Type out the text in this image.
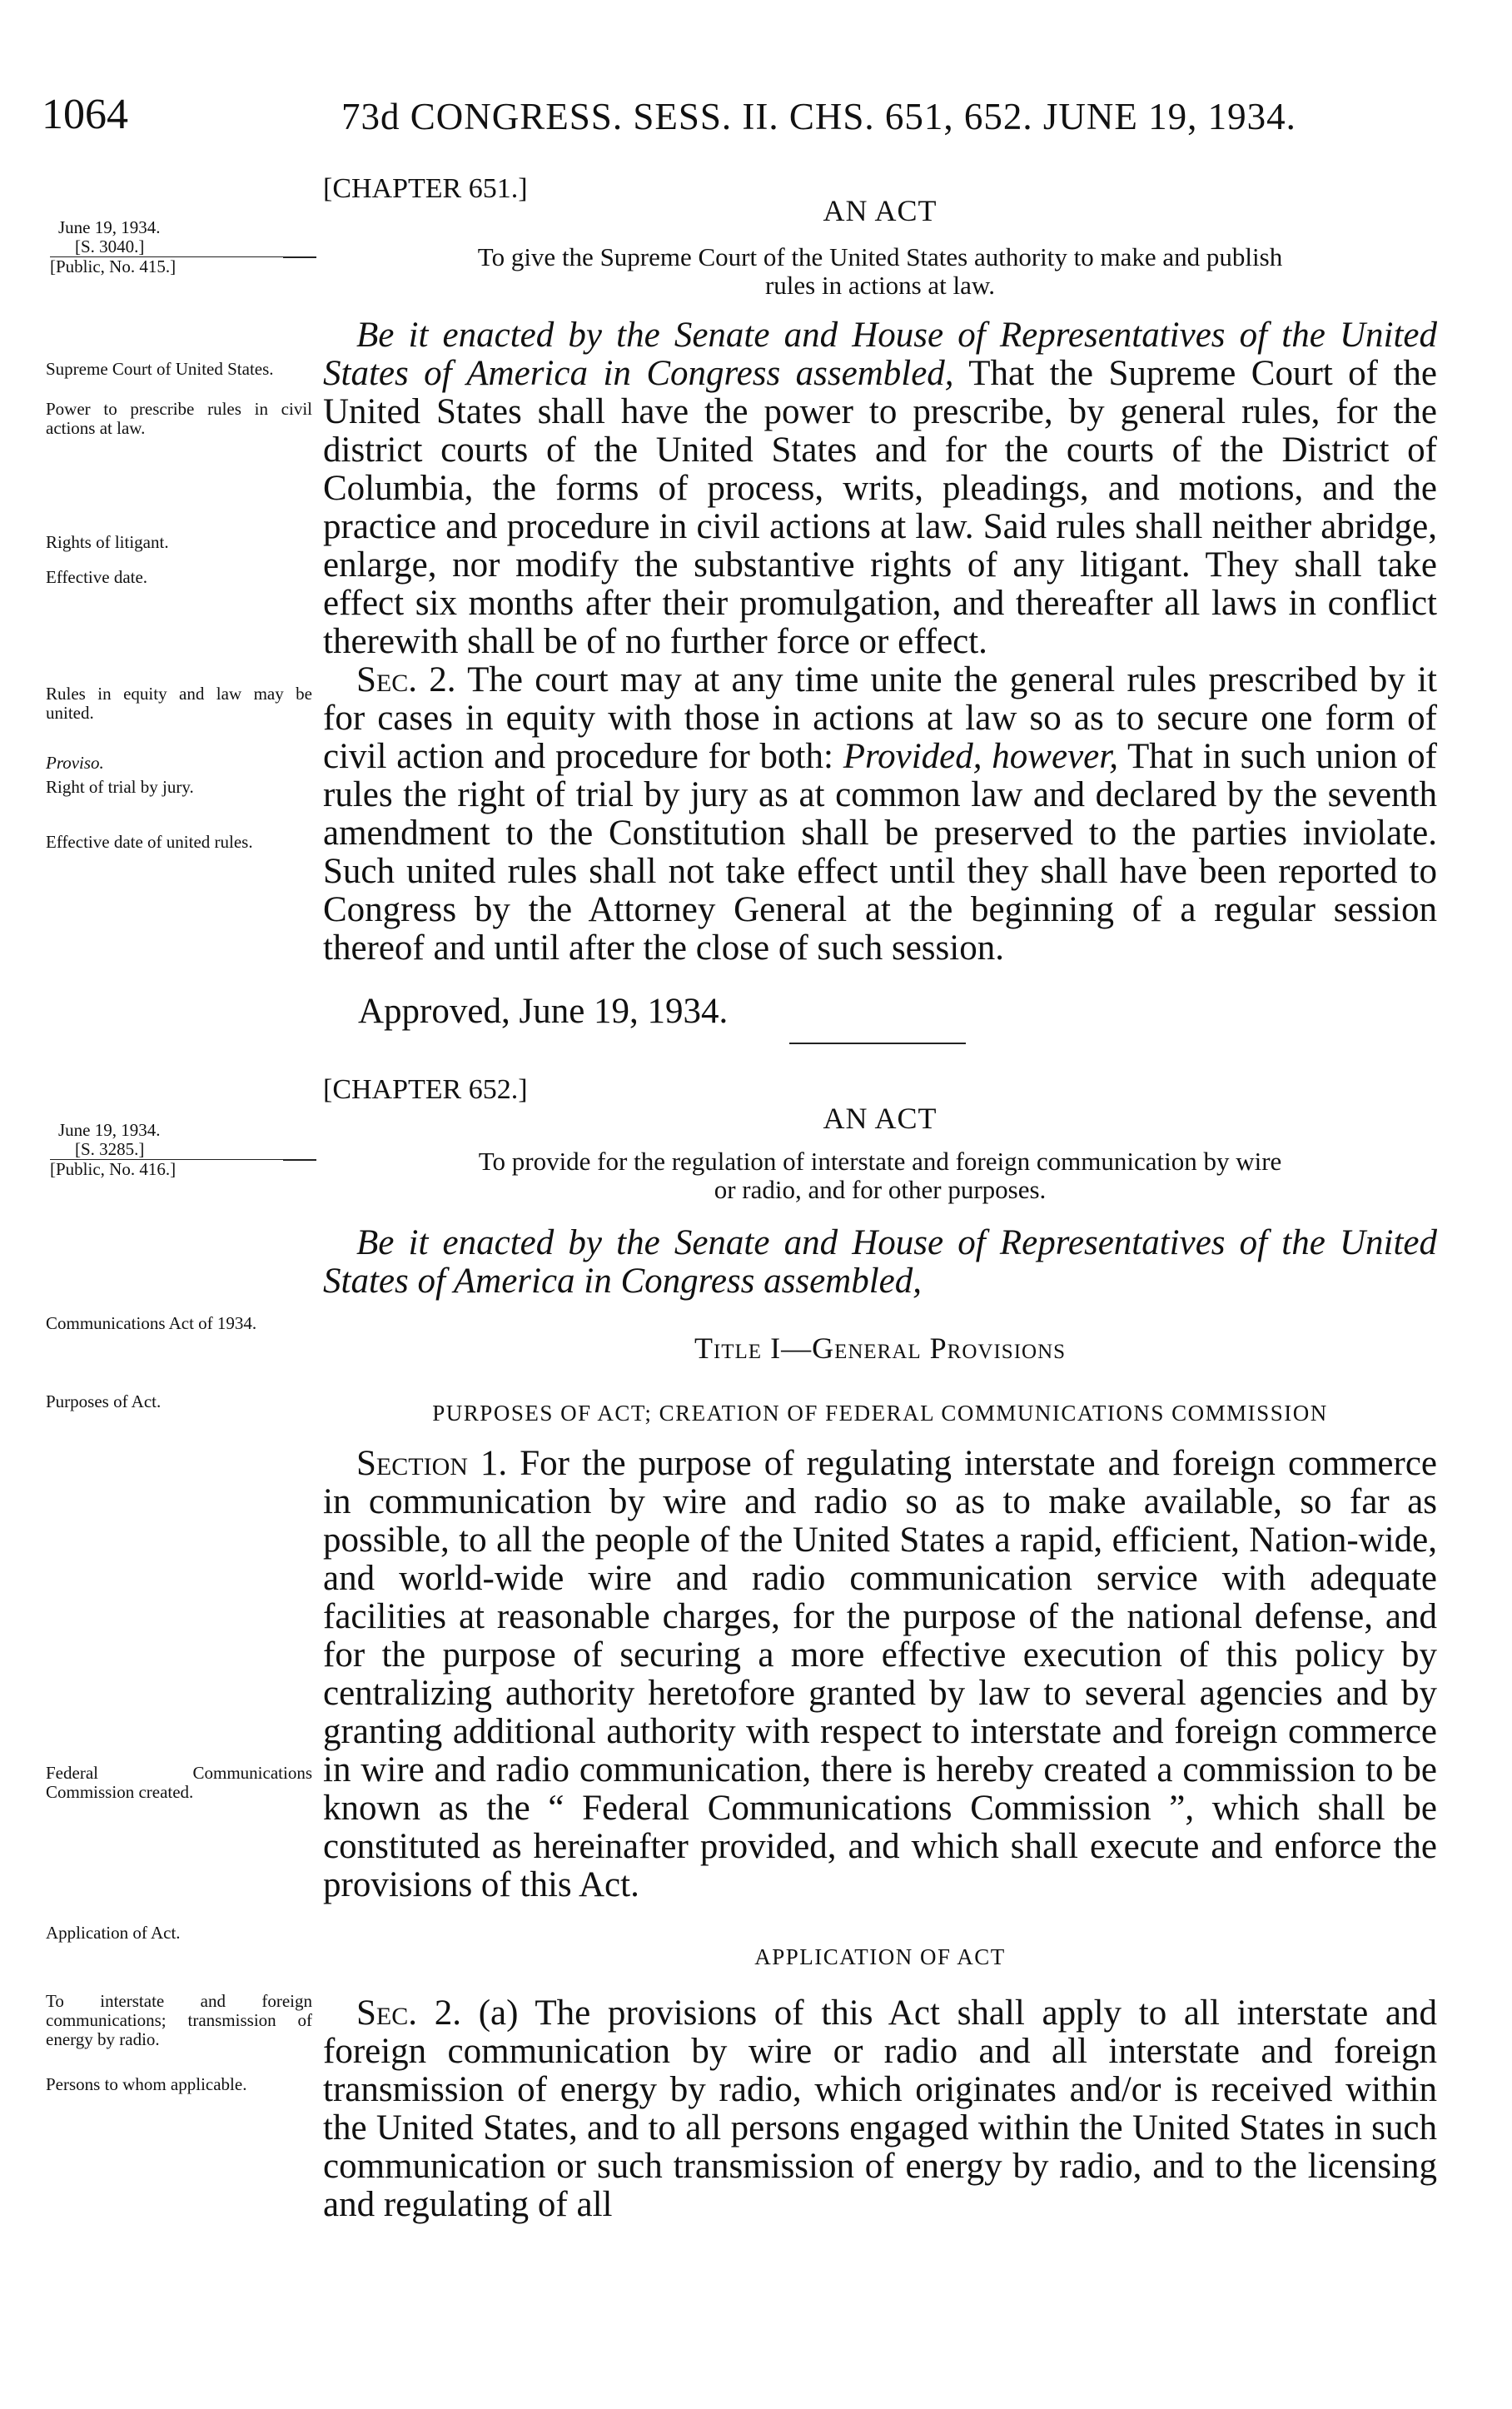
1064	73d CONGRESS. SESS. II. CHS. 651, 652. JUNE 19, 1934.
[CHAPTER 651.]
AN ACT
June 19, 1934.
[S. 3040.]
[Public, No. 415.]	To give the Supreme Court of the United States authority to make and publish
rules in actions at law.

Be it enacted by the Senate and House of Representatives of the United States of America in Congress assembled, That the Supreme Court of the United States shall have the power to prescribe, by general rules, for the district courts of the United States and for the courts of the District of Columbia, the forms of process, writs, pleadings, and motions, and the practice and procedure in civil actions at law. Said rules shall neither abridge, enlarge, nor modify the substantive rights of any litigant. They shall take effect six months after their promulgation, and thereafter all laws in conflict therewith shall be of no further force or effect.

Sec. 2. The court may at any time unite the general rules prescribed by it for cases in equity with those in actions at law so as to secure one form of civil action and procedure for both: Provided, however, That in such union of rules the right of trial by jury as at common law and declared by the seventh amendment to the Constitution shall be preserved to the parties inviolate. Such united rules shall not take effect until they shall have been reported to Congress by the Attorney General at the beginning of a regular session thereof and until after the close of such session.

Approved, June 19, 1934.
Supreme Court of United States.
Power to prescribe rules in civil actions at law.
Rights of litigant.
Effective date.
Rules in equity and law may be united.
Proviso.
Right of trial by jury.
Effective date of united rules.
[CHAPTER 652.]
AN ACT
June 19, 1934.
[S. 3285.]
[Public, No. 416.]	To provide for the regulation of interstate and foreign communication by wire
or radio, and for other purposes.
Be it enacted by the Senate and House of Representatives of the United States of America in Congress assembled,
Title I—General Provisions
PURPOSES OF ACT; CREATION OF FEDERAL COMMUNICATIONS COMMISSION

Section 1. For the purpose of regulating interstate and foreign commerce in communication by wire and radio so as to make available, so far as possible, to all the people of the United States a rapid, efficient, Nation-wide, and world-wide wire and radio communication service with adequate facilities at reasonable charges, for the purpose of the national defense, and for the purpose of securing a more effective execution of this policy by centralizing authority heretofore granted by law to several agencies and by granting additional authority with respect to interstate and foreign commerce in wire and radio communication, there is hereby created a commission to be known as the “ Federal Communications Commission ”, which shall be constituted as hereinafter provided, and which shall execute and enforce the provisions of this Act.

APPLICATION OF ACT

Sec. 2. (a) The provisions of this Act shall apply to all interstate and foreign communication by wire or radio and all interstate and foreign transmission of energy by radio, which originates and/or is received within the United States, and to all persons engaged within the United States in such communication or such transmission of energy by radio, and to the licensing and regulating of all

Communications Act of 1934.
Purposes of Act.
Federal Communications Commission created.
Application of Act.
To interstate and foreign communications; transmission of energy by radio.
Persons to whom applicable.
